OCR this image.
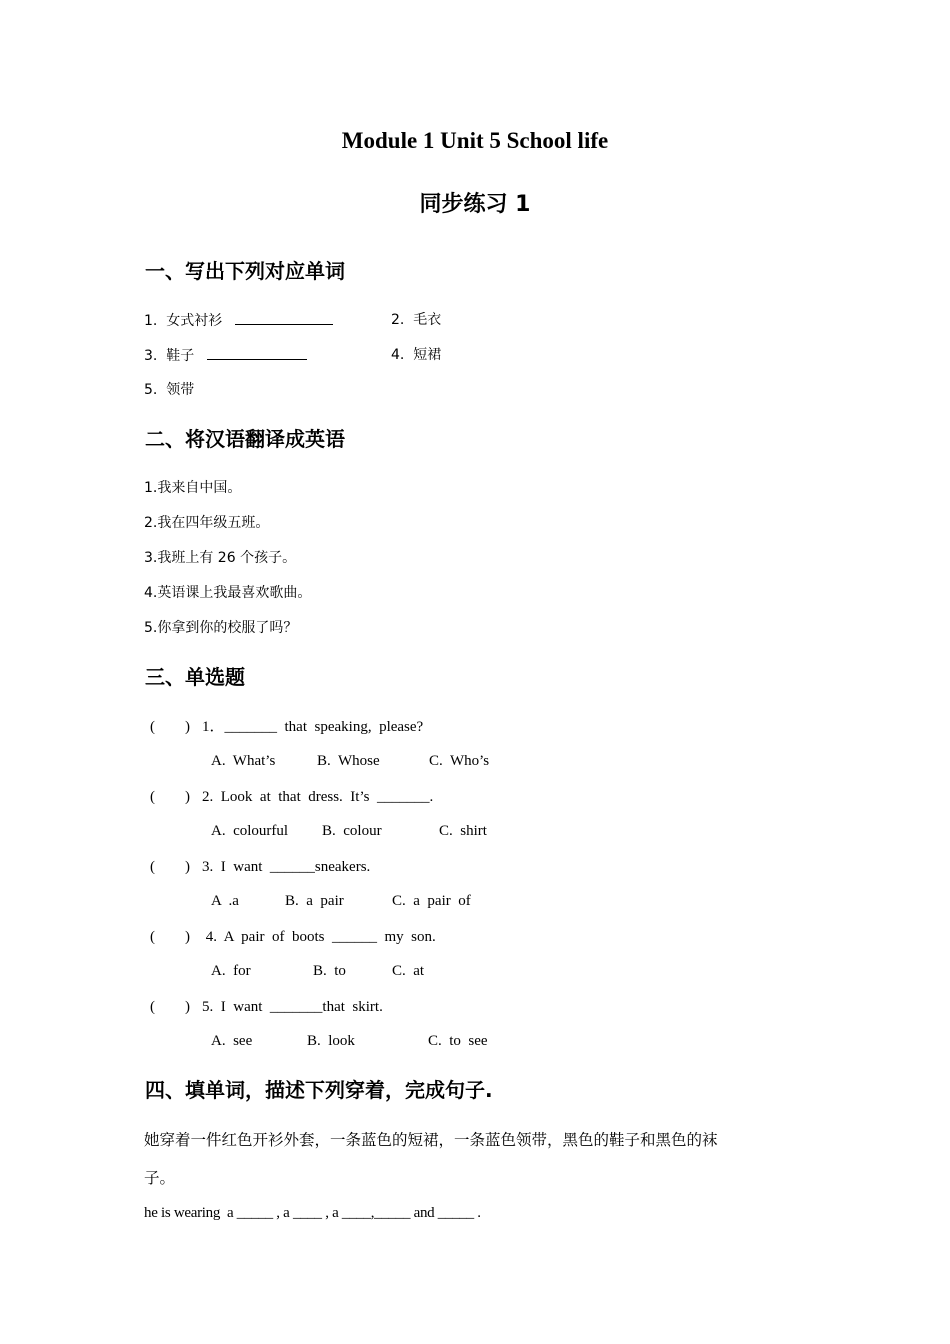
Module 1 Unit 5 School life
同步练习 1
一、写出下列对应单词
1.  女式衬衫	2.  毛衣
3.  鞋子	4.  短裙
5.  领带
二、将汉语翻译成英语
1.我来自中国。
2.我在四年级五班。
3.我班上有 26 个孩子。
4.英语课上我最喜欢歌曲。
5.你拿到你的校服了吗？
三、单选题
(        ) 1．_______  that  speaking,  please?
A.  What’s	B.  Whose	C.  Who’s
(        ) 2.  Look  at  that  dress.  It’s  _______.
A.  colourful B.  colour	C.  shirt
(        ) 3.  I  want  ______sneakers.
A  .a	B.  a  pair	C.  a  pair  of
(        ) 4.  A  pair  of  boots  ______  my  son.
A.  for	B.  to	C.  at
(        ) 5.  I  want  _______that  skirt.
A.  see	B.  look	C.  to  see
四、填单词，描述下列穿着，完成句子.
她穿着一件红色开衫外套，一条蓝色的短裙，一条蓝色领带，黑色的鞋子和黑色的袜
子。
he is wearing  a _____ , a ____ , a ____,_____ and _____ .
